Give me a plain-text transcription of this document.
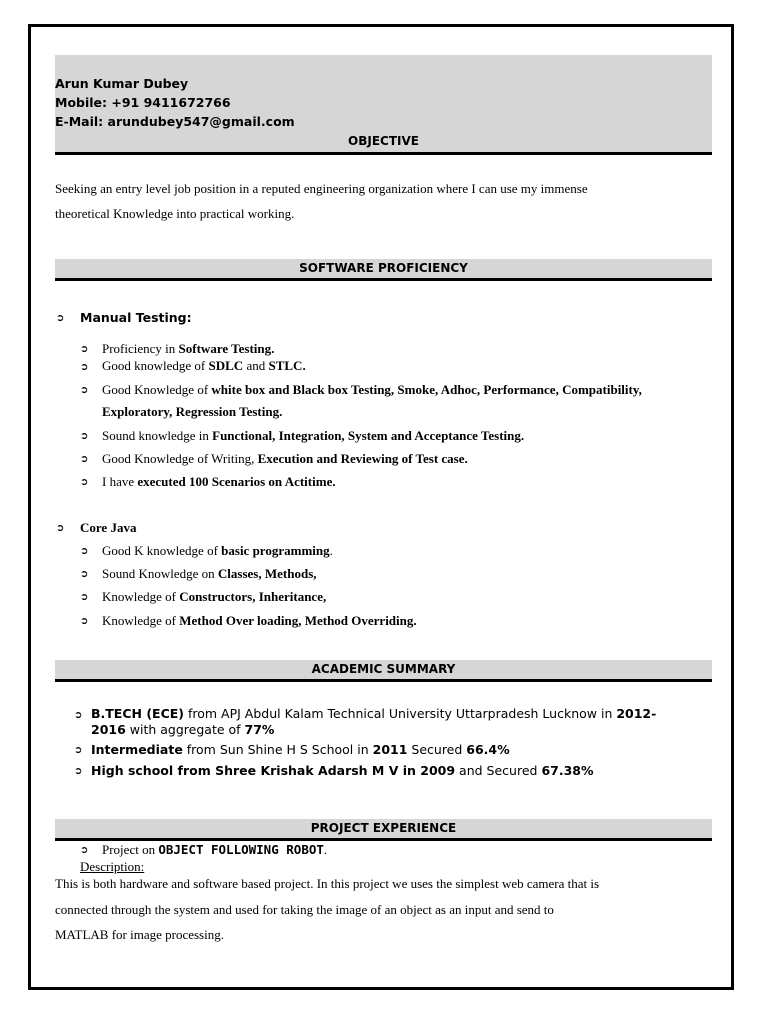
Arun Kumar Dubey
Mobile: +91 9411672766
E-Mail: arundubey547@gmail.com
OBJECTIVE
Seeking an entry level job position in a reputed engineering organization where I can use my immense
theoretical Knowledge into practical working.
SOFTWARE PROFICIENCY
➲ Manual Testing:
➲ Proficiency in Software Testing.
➲ Good knowledge of SDLC and STLC.
➲ Good Knowledge of white box and Black box Testing, Smoke, Adhoc, Performance, Compatibility,
Exploratory, Regression Testing.
➲ Sound knowledge in Functional, Integration, System and Acceptance Testing.
➲ Good Knowledge of Writing, Execution and Reviewing of Test case.
➲ I have executed 100 Scenarios on Actitime.
➲ Core Java
➲ Good K knowledge of basic programming.
➲ Sound Knowledge on Classes, Methods,
➲ Knowledge of Constructors, Inheritance,
➲ Knowledge of Method Over loading, Method Overriding.
ACADEMIC SUMMARY
➲ B.TECH (ECE) from APJ Abdul Kalam Technical University Uttarpradesh Lucknow in 2012-
2016 with aggregate of 77%
➲ Intermediate from Sun Shine H S School in 2011 Secured 66.4%
➲ High school from Shree Krishak Adarsh M V in 2009 and Secured 67.38%
PROJECT EXPERIENCE
➲ Project on OBJECT FOLLOWING ROBOT.
Description:
This is both hardware and software based project. In this project we uses the simplest web camera that is
connected through the system and used for taking the image of an object as an input and send to
MATLAB for image processing.
